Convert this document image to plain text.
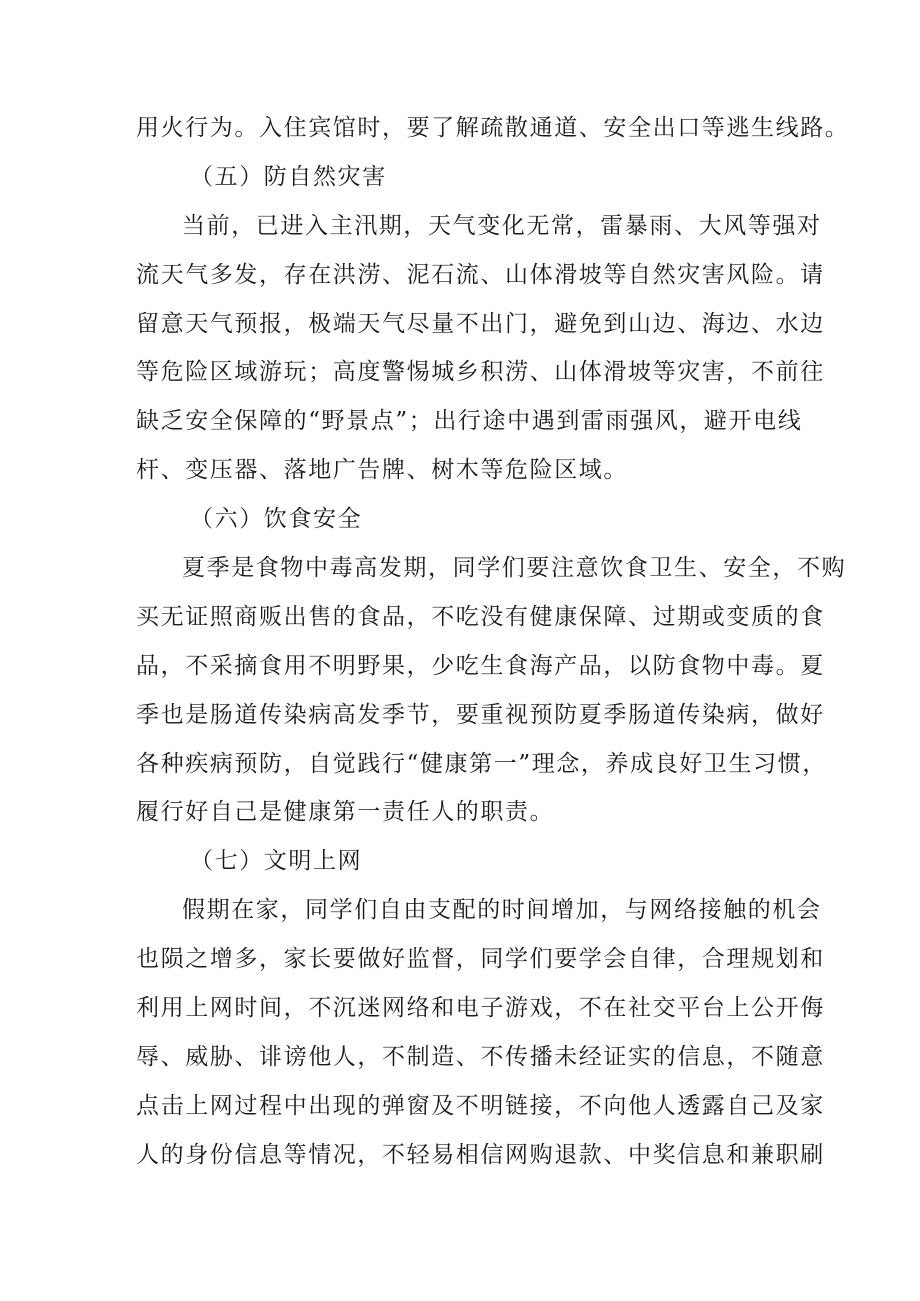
用火行为。入住宾馆时，要了解疏散通道、安全出口等逃生线路。
（五）防自然灾害
当前，已进入主汛期，天气变化无常，雷暴雨、大风等强对
流天气多发，存在洪涝、泥石流、山体滑坡等自然灾害风险。请
留意天气预报，极端天气尽量不出门，避免到山边、海边、水边
等危险区域游玩；高度警惕城乡积涝、山体滑坡等灾害，不前往
缺乏安全保障的“野景点”；出行途中遇到雷雨强风，避开电线
杆、变压器、落地广告牌、树木等危险区域。
（六）饮食安全
夏季是食物中毒高发期，同学们要注意饮食卫生、安全，不购
买无证照商贩出售的食品，不吃没有健康保障、过期或变质的食
品，不采摘食用不明野果，少吃生食海产品，以防食物中毒。夏
季也是肠道传染病高发季节，要重视预防夏季肠道传染病，做好
各种疾病预防，自觉践行“健康第一”理念，养成良好卫生习惯，
履行好自己是健康第一责任人的职责。
（七）文明上网
假期在家，同学们自由支配的时间增加，与网络接触的机会
也陨之增多，家长要做好监督，同学们要学会自律，合理规划和
利用上网时间，不沉迷网络和电子游戏，不在社交平台上公开侮
辱、威胁、诽谤他人，不制造、不传播未经证实的信息，不随意
点击上网过程中出现的弹窗及不明链接，不向他人透露自己及家
人的身份信息等情况，不轻易相信网购退款、中奖信息和兼职刷
